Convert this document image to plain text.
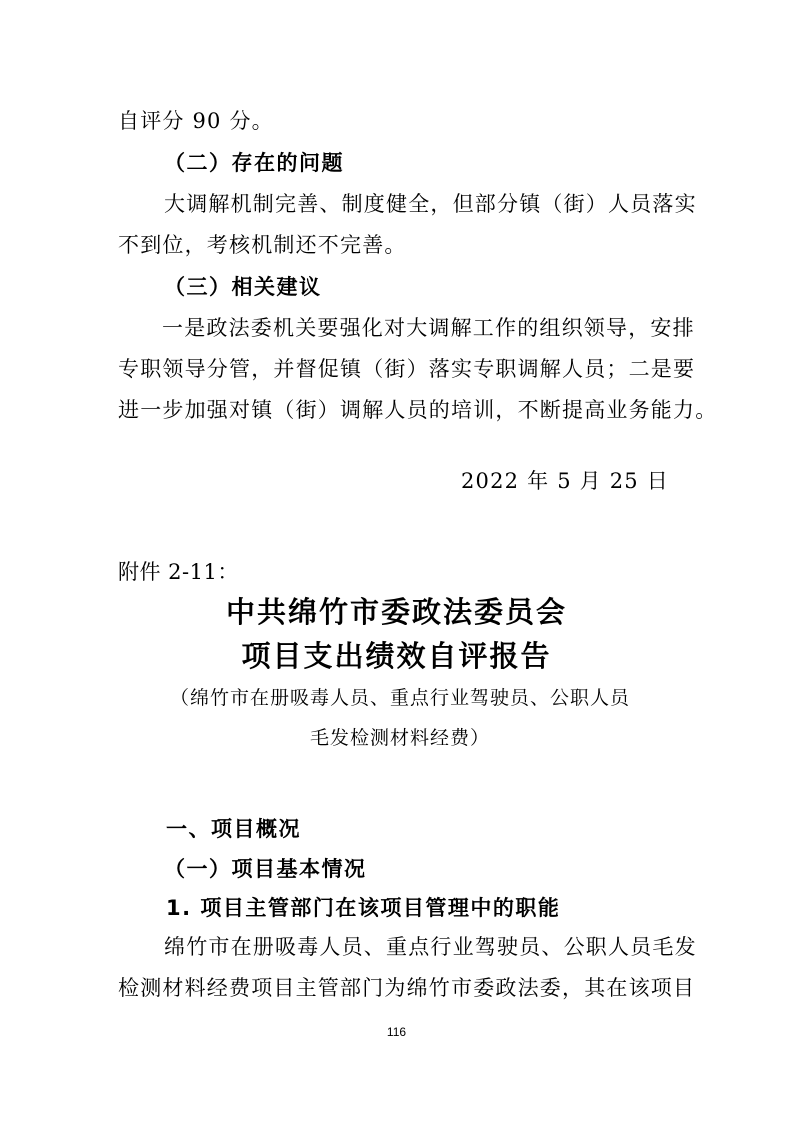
自评分 90 分。
（二）存在的问题
大调解机制完善、制度健全，但部分镇（街）人员落实
不到位，考核机制还不完善。
（三）相关建议
一是政法委机关要强化对大调解工作的组织领导，安排
专职领导分管，并督促镇（街）落实专职调解人员；二是要
进一步加强对镇（街）调解人员的培训，不断提高业务能力。
2022 年 5 月 25 日
附件 2-11：
中共绵竹市委政法委员会
项目支出绩效自评报告
（绵竹市在册吸毒人员、重点行业驾驶员、公职人员
毛发检测材料经费）
一、项目概况
（一）项目基本情况
1. 项目主管部门在该项目管理中的职能
绵竹市在册吸毒人员、重点行业驾驶员、公职人员毛发
检测材料经费项目主管部门为绵竹市委政法委，其在该项目
116
